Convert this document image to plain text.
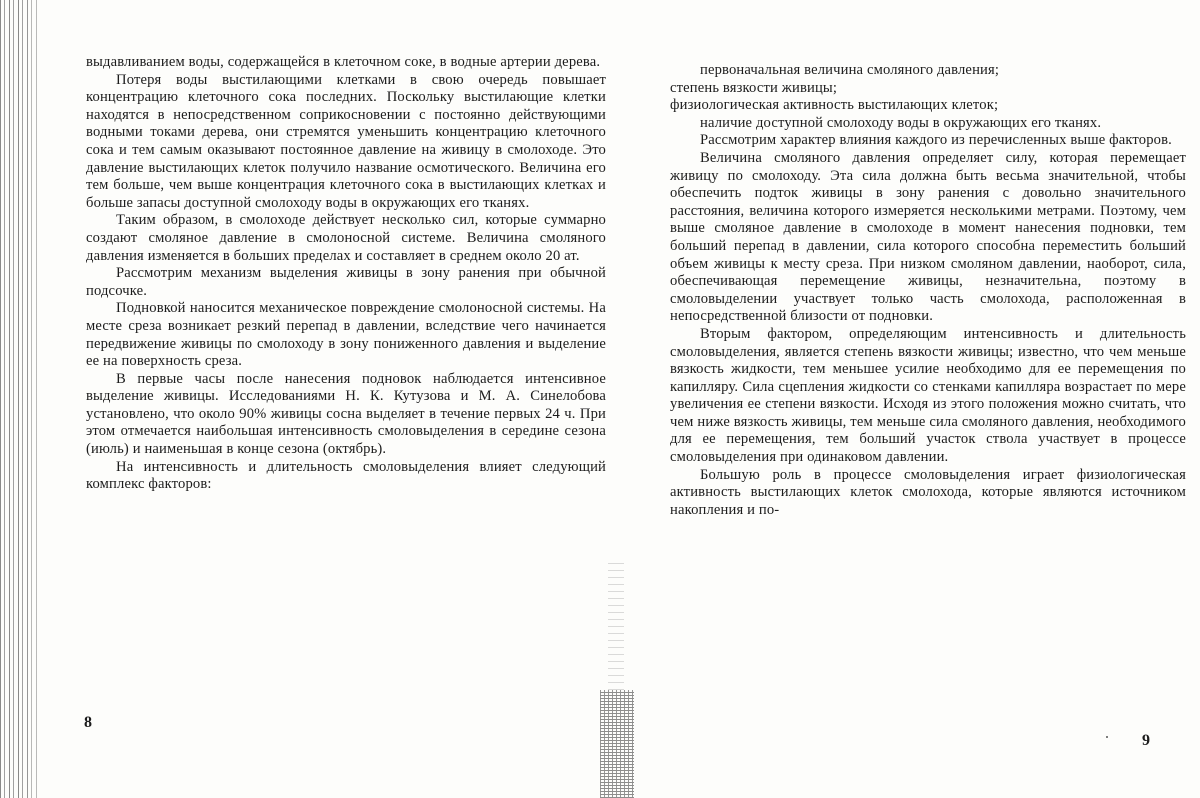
выдавливанием воды, содержащейся в клеточном соке, в водные артерии дерева.

Потеря воды выстилающими клетками в свою очередь повышает концентрацию клеточного сока последних. Поскольку выстилающие клетки находятся в непосредственном соприкосновении с постоянно действующими водными токами дерева, они стремятся уменьшить концентрацию клеточного сока и тем самым оказывают постоянное давление на живицу в смолоходе. Это давление выстилающих клеток получило название осмотического. Величина его тем больше, чем выше концентрация клеточного сока в выстилающих клетках и больше запасы доступной смолоходу воды в окружающих его тканях.

Таким образом, в смолоходе действует несколько сил, которые суммарно создают смоляное давление в смолоносной системе. Величина смоляного давления изменяется в больших пределах и составляет в среднем около 20 ат.

Рассмотрим механизм выделения живицы в зону ранения при обычной подсочке.

Подновкой наносится механическое повреждение смолоносной системы. На месте среза возникает резкий перепад в давлении, вследствие чего начинается передвижение живицы по смолоходу в зону пониженного давления и выделение ее на поверхность среза.

В первые часы после нанесения подновок наблюдается интенсивное выделение живицы. Исследованиями Н. К. Кутузова и М. А. Синелобова установлено, что около 90% живицы сосна выделяет в течение первых 24 ч. При этом отмечается наибольшая интенсивность смоловыделения в середине сезона (июль) и наименьшая в конце сезона (октябрь).

На интенсивность и длительность смоловыделения влияет следующий комплекс факторов:

8

первоначальная величина смоляного давления;

степень вязкости живицы;

физиологическая активность выстилающих клеток;

наличие доступной смолоходу воды в окружающих его тканях.

Рассмотрим характер влияния каждого из перечисленных выше факторов.

Величина смоляного давления определяет силу, которая перемещает живицу по смолоходу. Эта сила должна быть весьма значительной, чтобы обеспечить подток живицы в зону ранения с довольно значительного расстояния, величина которого измеряется несколькими метрами. Поэтому, чем выше смоляное давление в смолоходе в момент нанесения подновки, тем больший перепад в давлении, сила которого способна переместить больший объем живицы к месту среза. При низком смоляном давлении, наоборот, сила, обеспечивающая перемещение живицы, незначительна, поэтому в смоловыделении участвует только часть смолохода, расположенная в непосредственной близости от подновки.

Вторым фактором, определяющим интенсивность и длительность смоловыделения, является степень вязкости живицы; известно, что чем меньше вязкость жидкости, тем меньшее усилие необходимо для ее перемещения по капилляру. Сила сцепления жидкости со стенками капилляра возрастает по мере увеличения ее степени вязкости. Исходя из этого положения можно считать, что чем ниже вязкость живицы, тем меньше сила смоляного давления, необходимого для ее перемещения, тем больший участок ствола участвует в процессе смоловыделения при одинаковом давлении.

Большую роль в процессе смоловыделения играет физиологическая активность выстилающих клеток смолохода, которые являются источником накопления и по-

9
